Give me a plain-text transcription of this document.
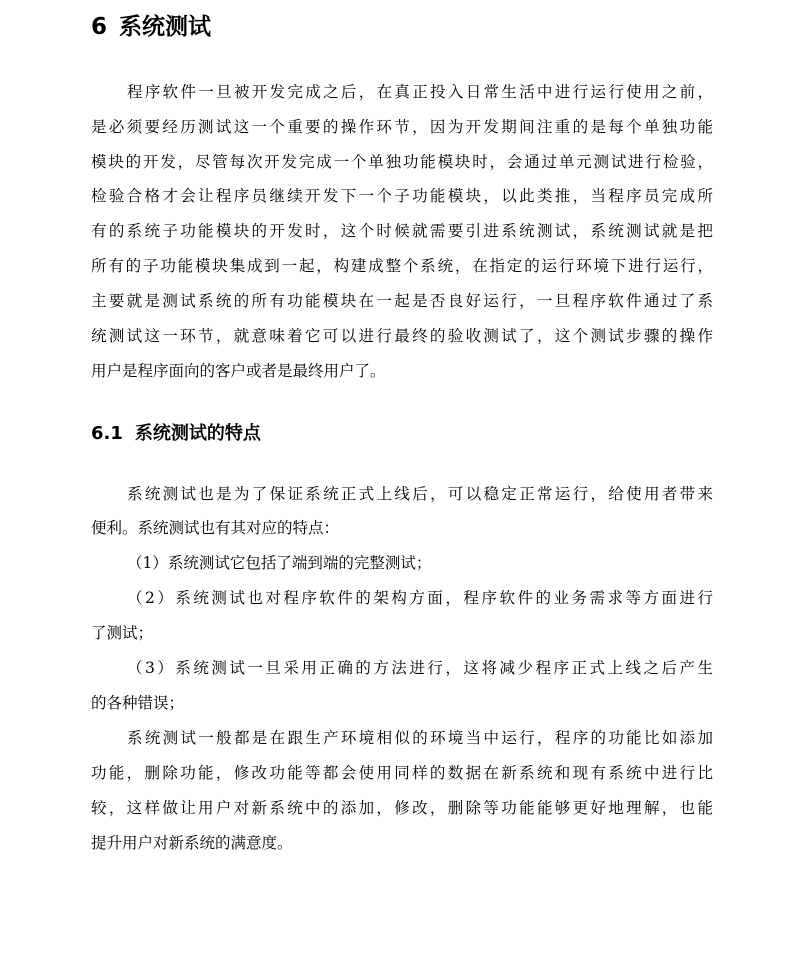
6 系统测试
程序软件一旦被开发完成之后，在真正投入日常生活中进行运行使用之前，
是必须要经历测试这一个重要的操作环节，因为开发期间注重的是每个单独功能
模块的开发，尽管每次开发完成一个单独功能模块时，会通过单元测试进行检验，
检验合格才会让程序员继续开发下一个子功能模块，以此类推，当程序员完成所
有的系统子功能模块的开发时，这个时候就需要引进系统测试，系统测试就是把
所有的子功能模块集成到一起，构建成整个系统，在指定的运行环境下进行运行，
主要就是测试系统的所有功能模块在一起是否良好运行，一旦程序软件通过了系
统测试这一环节，就意味着它可以进行最终的验收测试了，这个测试步骤的操作
用户是程序面向的客户或者是最终用户了。
6.1 系统测试的特点
系统测试也是为了保证系统正式上线后，可以稳定正常运行，给使用者带来
便利。系统测试也有其对应的特点：
（1）系统测试它包括了端到端的完整测试；
（2）系统测试也对程序软件的架构方面，程序软件的业务需求等方面进行
了测试；
（3）系统测试一旦采用正确的方法进行，这将减少程序正式上线之后产生
的各种错误；
系统测试一般都是在跟生产环境相似的环境当中运行，程序的功能比如添加
功能，删除功能，修改功能等都会使用同样的数据在新系统和现有系统中进行比
较，这样做让用户对新系统中的添加，修改，删除等功能能够更好地理解，也能
提升用户对新系统的满意度。
